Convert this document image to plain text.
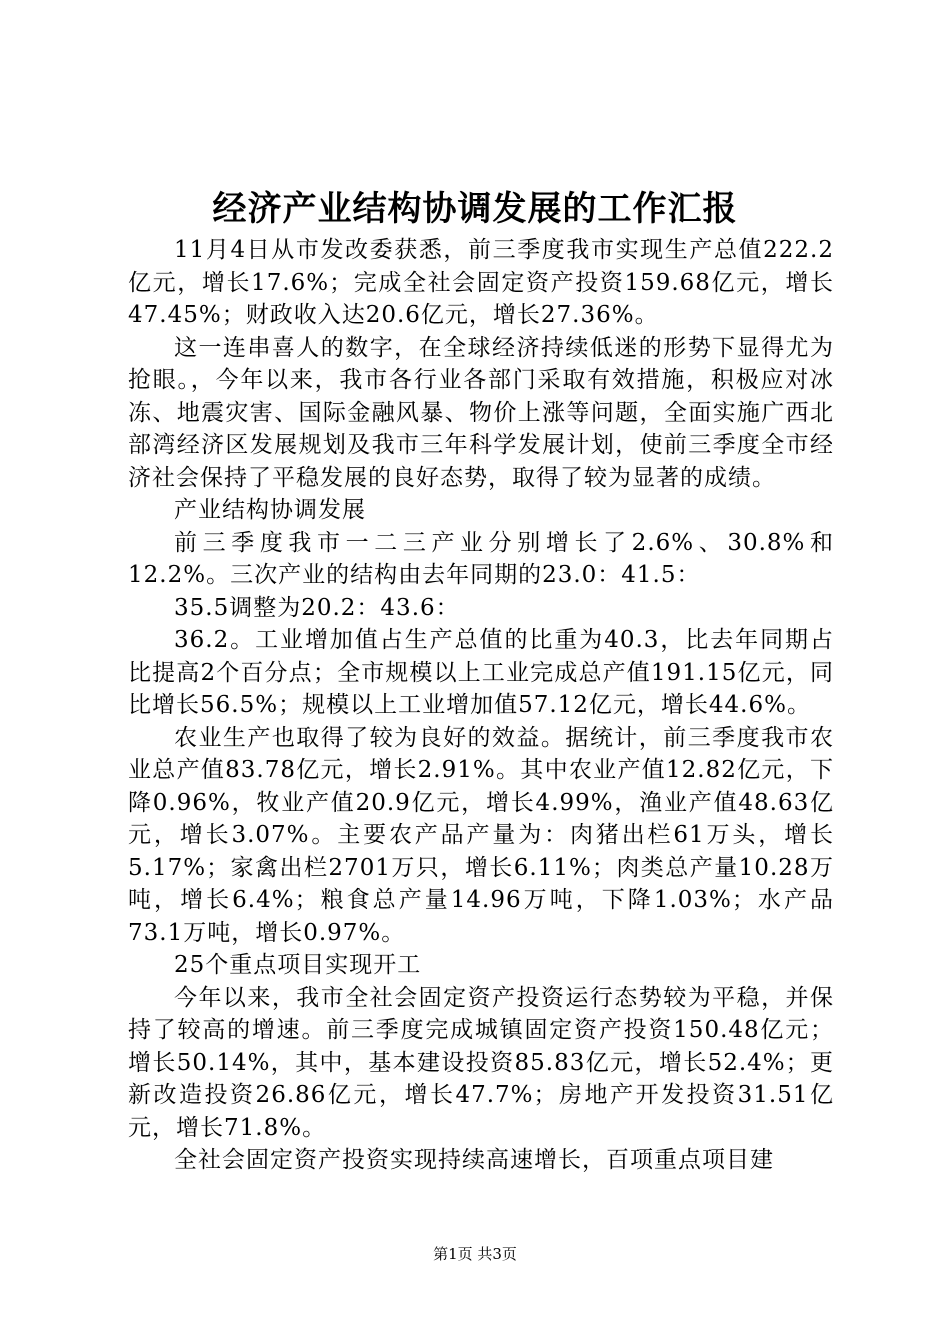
经济产业结构协调发展的工作汇报

11月4日从市发改委获悉，前三季度我市实现生产总值222.2亿元，增长17.6%；完成全社会固定资产投资159.68亿元，增长47.45%；财政收入达20.6亿元，增长27.36%。

这一连串喜人的数字，在全球经济持续低迷的形势下显得尤为抢眼。，今年以来，我市各行业各部门采取有效措施，积极应对冰冻、地震灾害、国际金融风暴、物价上涨等问题，全面实施广西北部湾经济区发展规划及我市三年科学发展计划，使前三季度全市经济社会保持了平稳发展的良好态势，取得了较为显著的成绩。

产业结构协调发展

前三季度我市一二三产业分别增长了2.6%、30.8%和12.2%。三次产业的结构由去年同期的23.0：41.5：

35.5调整为20.2：43.6：

36.2。工业增加值占生产总值的比重为40.3，比去年同期占比提高2个百分点；全市规模以上工业完成总产值191.15亿元，同比增长56.5%；规模以上工业增加值57.12亿元，增长44.6%。

农业生产也取得了较为良好的效益。据统计，前三季度我市农业总产值83.78亿元，增长2.91%。其中农业产值12.82亿元，下降0.96%，牧业产值20.9亿元，增长4.99%，渔业产值48.63亿元，增长3.07%。主要农产品产量为：肉猪出栏61万头，增长5.17%；家禽出栏2701万只，增长6.11%；肉类总产量10.28万吨，增长6.4%；粮食总产量14.96万吨，下降1.03%；水产品73.1万吨，增长0.97%。

25个重点项目实现开工

今年以来，我市全社会固定资产投资运行态势较为平稳，并保持了较高的增速。前三季度完成城镇固定资产投资150.48亿元；增长50.14%，其中，基本建设投资85.83亿元，增长52.4%；更新改造投资26.86亿元，增长47.7%；房地产开发投资31.51亿元，增长71.8%。

全社会固定资产投资实现持续高速增长，百项重点项目建

第1页 共3页
